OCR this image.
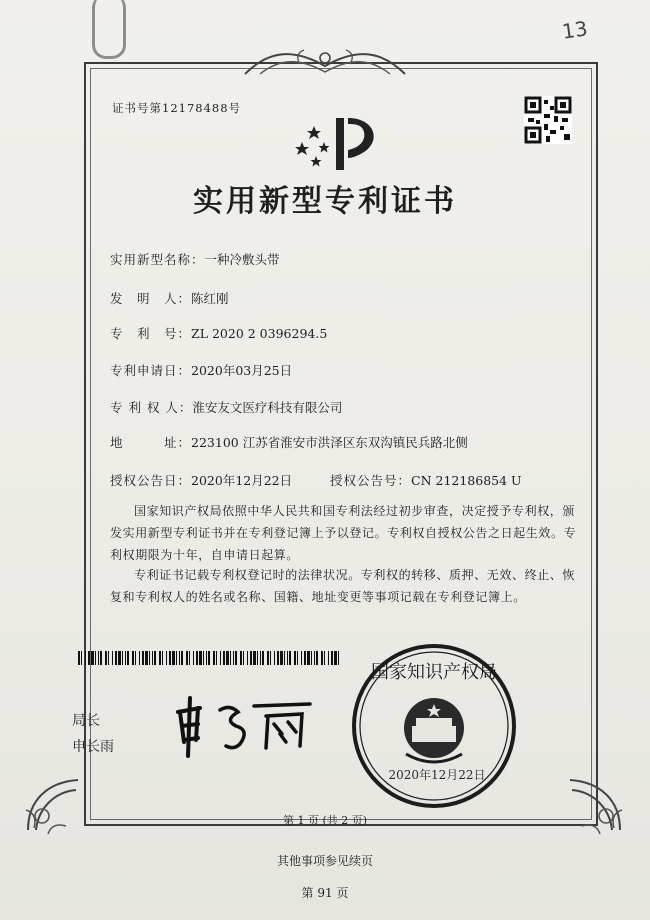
13
证书号第12178488号
实用新型专利证书
实用新型名称：一种冷敷头带
发　明　人：陈红刚
专　利　号：ZL 2020 2 0396294.5
专利申请日：2020年03月25日
专 利 权 人：淮安友文医疗科技有限公司
地　　　址：223100 江苏省淮安市洪泽区东双沟镇民兵路北侧
授权公告日：2020年12月22日	授权公告号：CN 212186854 U
国家知识产权局依照中华人民共和国专利法经过初步审查，决定授予专利权，颁发实用新型专利证书并在专利登记簿上予以登记。专利权自授权公告之日起生效。专利权期限为十年，自申请日起算。
专利证书记载专利权登记时的法律状况。专利权的转移、质押、无效、终止、恢复和专利权人的姓名或名称、国籍、地址变更等事项记载在专利登记簿上。
局长
申长雨
国家知识产权局
2020年12月22日
第 1 页 (共 2 页)
其他事项参见续页
第 91 页
